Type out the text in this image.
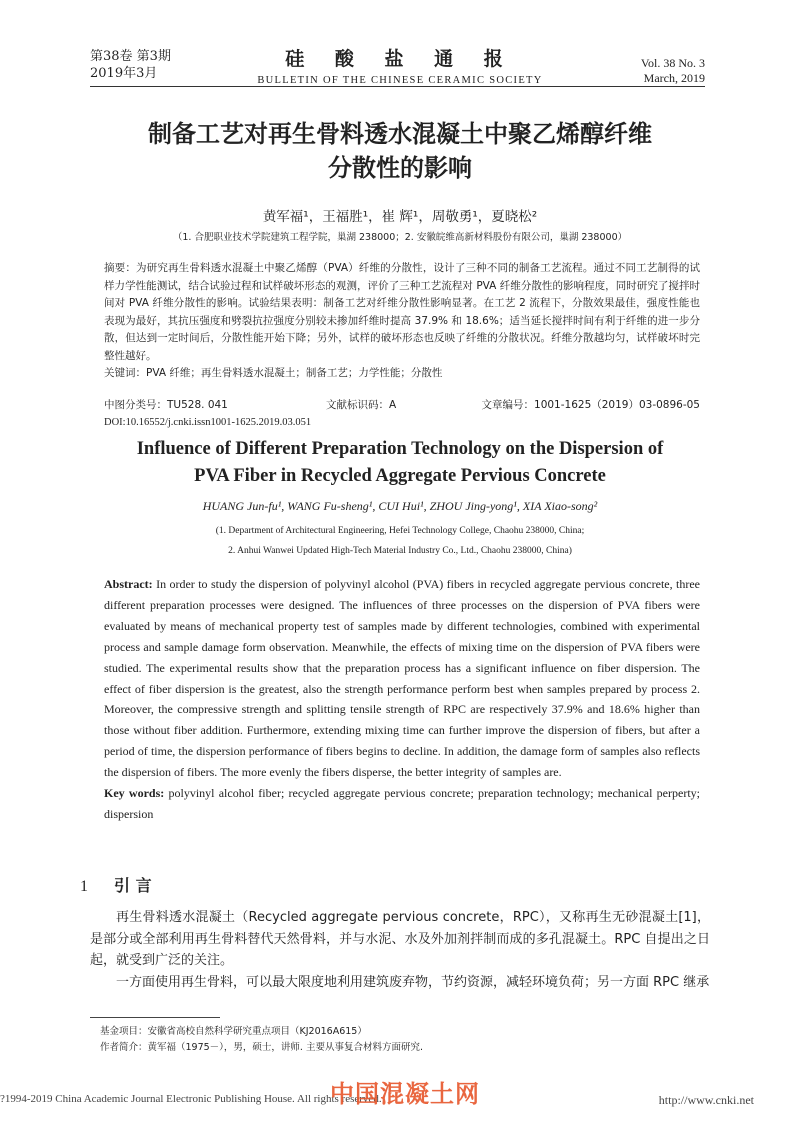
第38卷 第3期
2019年3月
硅 酸 盐 通 报
BULLETIN OF THE CHINESE CERAMIC SOCIETY
Vol. 38 No. 3
March, 2019
制备工艺对再生骨料透水混凝土中聚乙烯醇纤维
分散性的影响
黄军福¹，王福胜¹，崔 辉¹，周敬勇¹，夏晓松²
（1. 合肥职业技术学院建筑工程学院，巢湖 238000；2. 安徽皖维高新材料股份有限公司，巢湖 238000）
摘要：为研究再生骨料透水混凝土中聚乙烯醇（PVA）纤维的分散性，设计了三种不同的制备工艺流程。通过不同工艺制得的试样力学性能测试，结合试验过程和试样破坏形态的观测，评价了三种工艺流程对 PVA 纤维分散性的影响程度，同时研究了搅拌时间对 PVA 纤维分散性的影响。试验结果表明：制备工艺对纤维分散性影响显著。在工艺 2 流程下，分散效果最佳，强度性能也表现为最好，其抗压强度和劈裂抗拉强度分别较未掺加纤维时提高 37.9% 和 18.6%；适当延长搅拌时间有利于纤维的进一步分散，但达到一定时间后，分散性能开始下降；另外，试样的破坏形态也反映了纤维的分散状况。纤维分散越均匀，试样破坏时完整性越好。
关键词：PVA 纤维；再生骨料透水混凝土；制备工艺；力学性能；分散性
中图分类号：TU528. 041	文献标识码：A	文章编号：1001-1625（2019）03-0896-05
DOI:10.16552/j.cnki.issn1001-1625.2019.03.051
Influence of Different Preparation Technology on the Dispersion of
PVA Fiber in Recycled Aggregate Pervious Concrete
HUANG Jun-fu¹, WANG Fu-sheng¹, CUI Hui¹, ZHOU Jing-yong¹, XIA Xiao-song²
(1. Department of Architectural Engineering, Hefei Technology College, Chaohu 238000, China;
2. Anhui Wanwei Updated High-Tech Material Industry Co., Ltd., Chaohu 238000, China)
Abstract: In order to study the dispersion of polyvinyl alcohol (PVA) fibers in recycled aggregate pervious concrete, three different preparation processes were designed. The influences of three processes on the dispersion of PVA fibers were evaluated by means of mechanical property test of samples made by different technologies, combined with experimental process and sample damage form observation. Meanwhile, the effects of mixing time on the dispersion of PVA fibers were studied. The experimental results show that the preparation process has a significant influence on fiber dispersion. The effect of fiber dispersion is the greatest, also the strength performance perform best when samples prepared by process 2. Moreover, the compressive strength and splitting tensile strength of RPC are respectively 37.9% and 18.6% higher than those without fiber addition. Furthermore, extending mixing time can further improve the dispersion of fibers, but after a period of time, the dispersion performance of fibers begins to decline. In addition, the damage form of samples also reflects the dispersion of fibers. The more evenly the fibers disperse, the better integrity of samples are.
Key words: polyvinyl alcohol fiber; recycled aggregate pervious concrete; preparation technology; mechanical perperty; dispersion
1 引 言

再生骨料透水混凝土（Recycled aggregate pervious concrete，RPC），又称再生无砂混凝土[1]，是部分或全部利用再生骨料替代天然骨料，并与水泥、水及外加剂拌制而成的多孔混凝土。RPC 自提出之日起，就受到广泛的关注。

一方面使用再生骨料，可以最大限度地利用建筑废弃物，节约资源，减轻环境负荷；另一方面 RPC 继承

基金项目：安徽省高校自然科学研究重点项目（KJ2016A615）
作者简介：黄军福（1975－），男，硕士，讲师. 主要从事复合材料方面研究.
?1994-2019 China Academic Journal Electronic Publishing House. All rights reserved.	http://www.cnki.net
中国混凝土网
